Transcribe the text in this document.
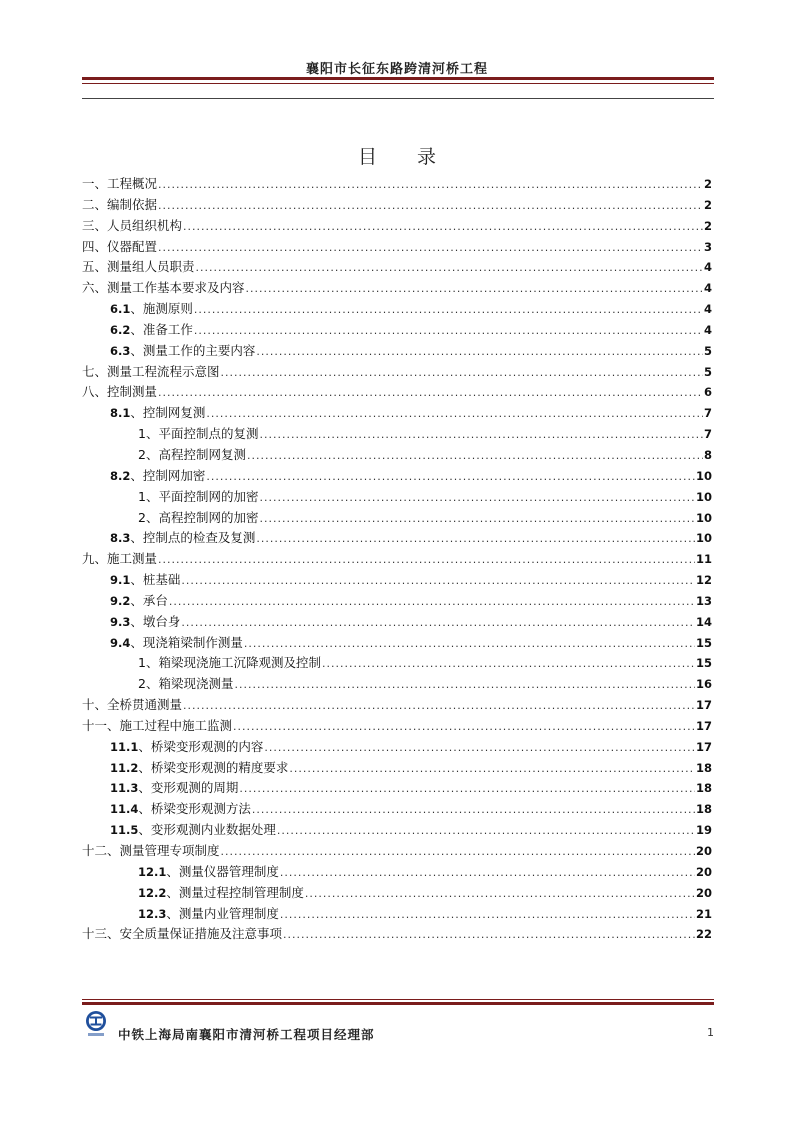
襄阳市长征东路跨清河桥工程
目录
一、工程概况 .....	2
二、编制依据 .....	2
三、人员组织机构 .....	2
四、仪器配置 .....	3
五、测量组人员职责 .....	4
六、测量工作基本要求及内容 .....	4
6.1、施测原则 .....	4
6.2、准备工作 .....	4
6.3、测量工作的主要内容 .....	5
七、测量工程流程示意图 .....	5
八、控制测量 .....	6
8.1、控制网复测 .....	7
1、平面控制点的复测 .....	7
2、高程控制网复测 .....	8
8.2、控制网加密 .....	10
1、平面控制网的加密 .....	10
2、高程控制网的加密 .....	10
8.3、控制点的检查及复测 .....	10
九、施工测量 .....	11
9.1、桩基础 .....	12
9.2、承台 .....	13
9.3、墩台身 .....	14
9.4、现浇箱梁制作测量 .....	15
1、箱梁现浇施工沉降观测及控制 .....	15
2、箱梁现浇测量 .....	16
十、全桥贯通测量 .....	17
十一、施工过程中施工监测 .....	17
11.1、桥梁变形观测的内容 .....	17
11.2、桥梁变形观测的精度要求 .....	18
11.3、变形观测的周期 .....	18
11.4、桥梁变形观测方法 .....	18
11.5、变形观测内业数据处理 .....	19
十二、测量管理专项制度 .....	20
12.1、测量仪器管理制度 .....	20
12.2、测量过程控制管理制度 .....	20
12.3、测量内业管理制度 .....	21
十三、安全质量保证措施及注意事项 .....	22
中铁上海局南襄阳市清河桥工程项目经理部	1
